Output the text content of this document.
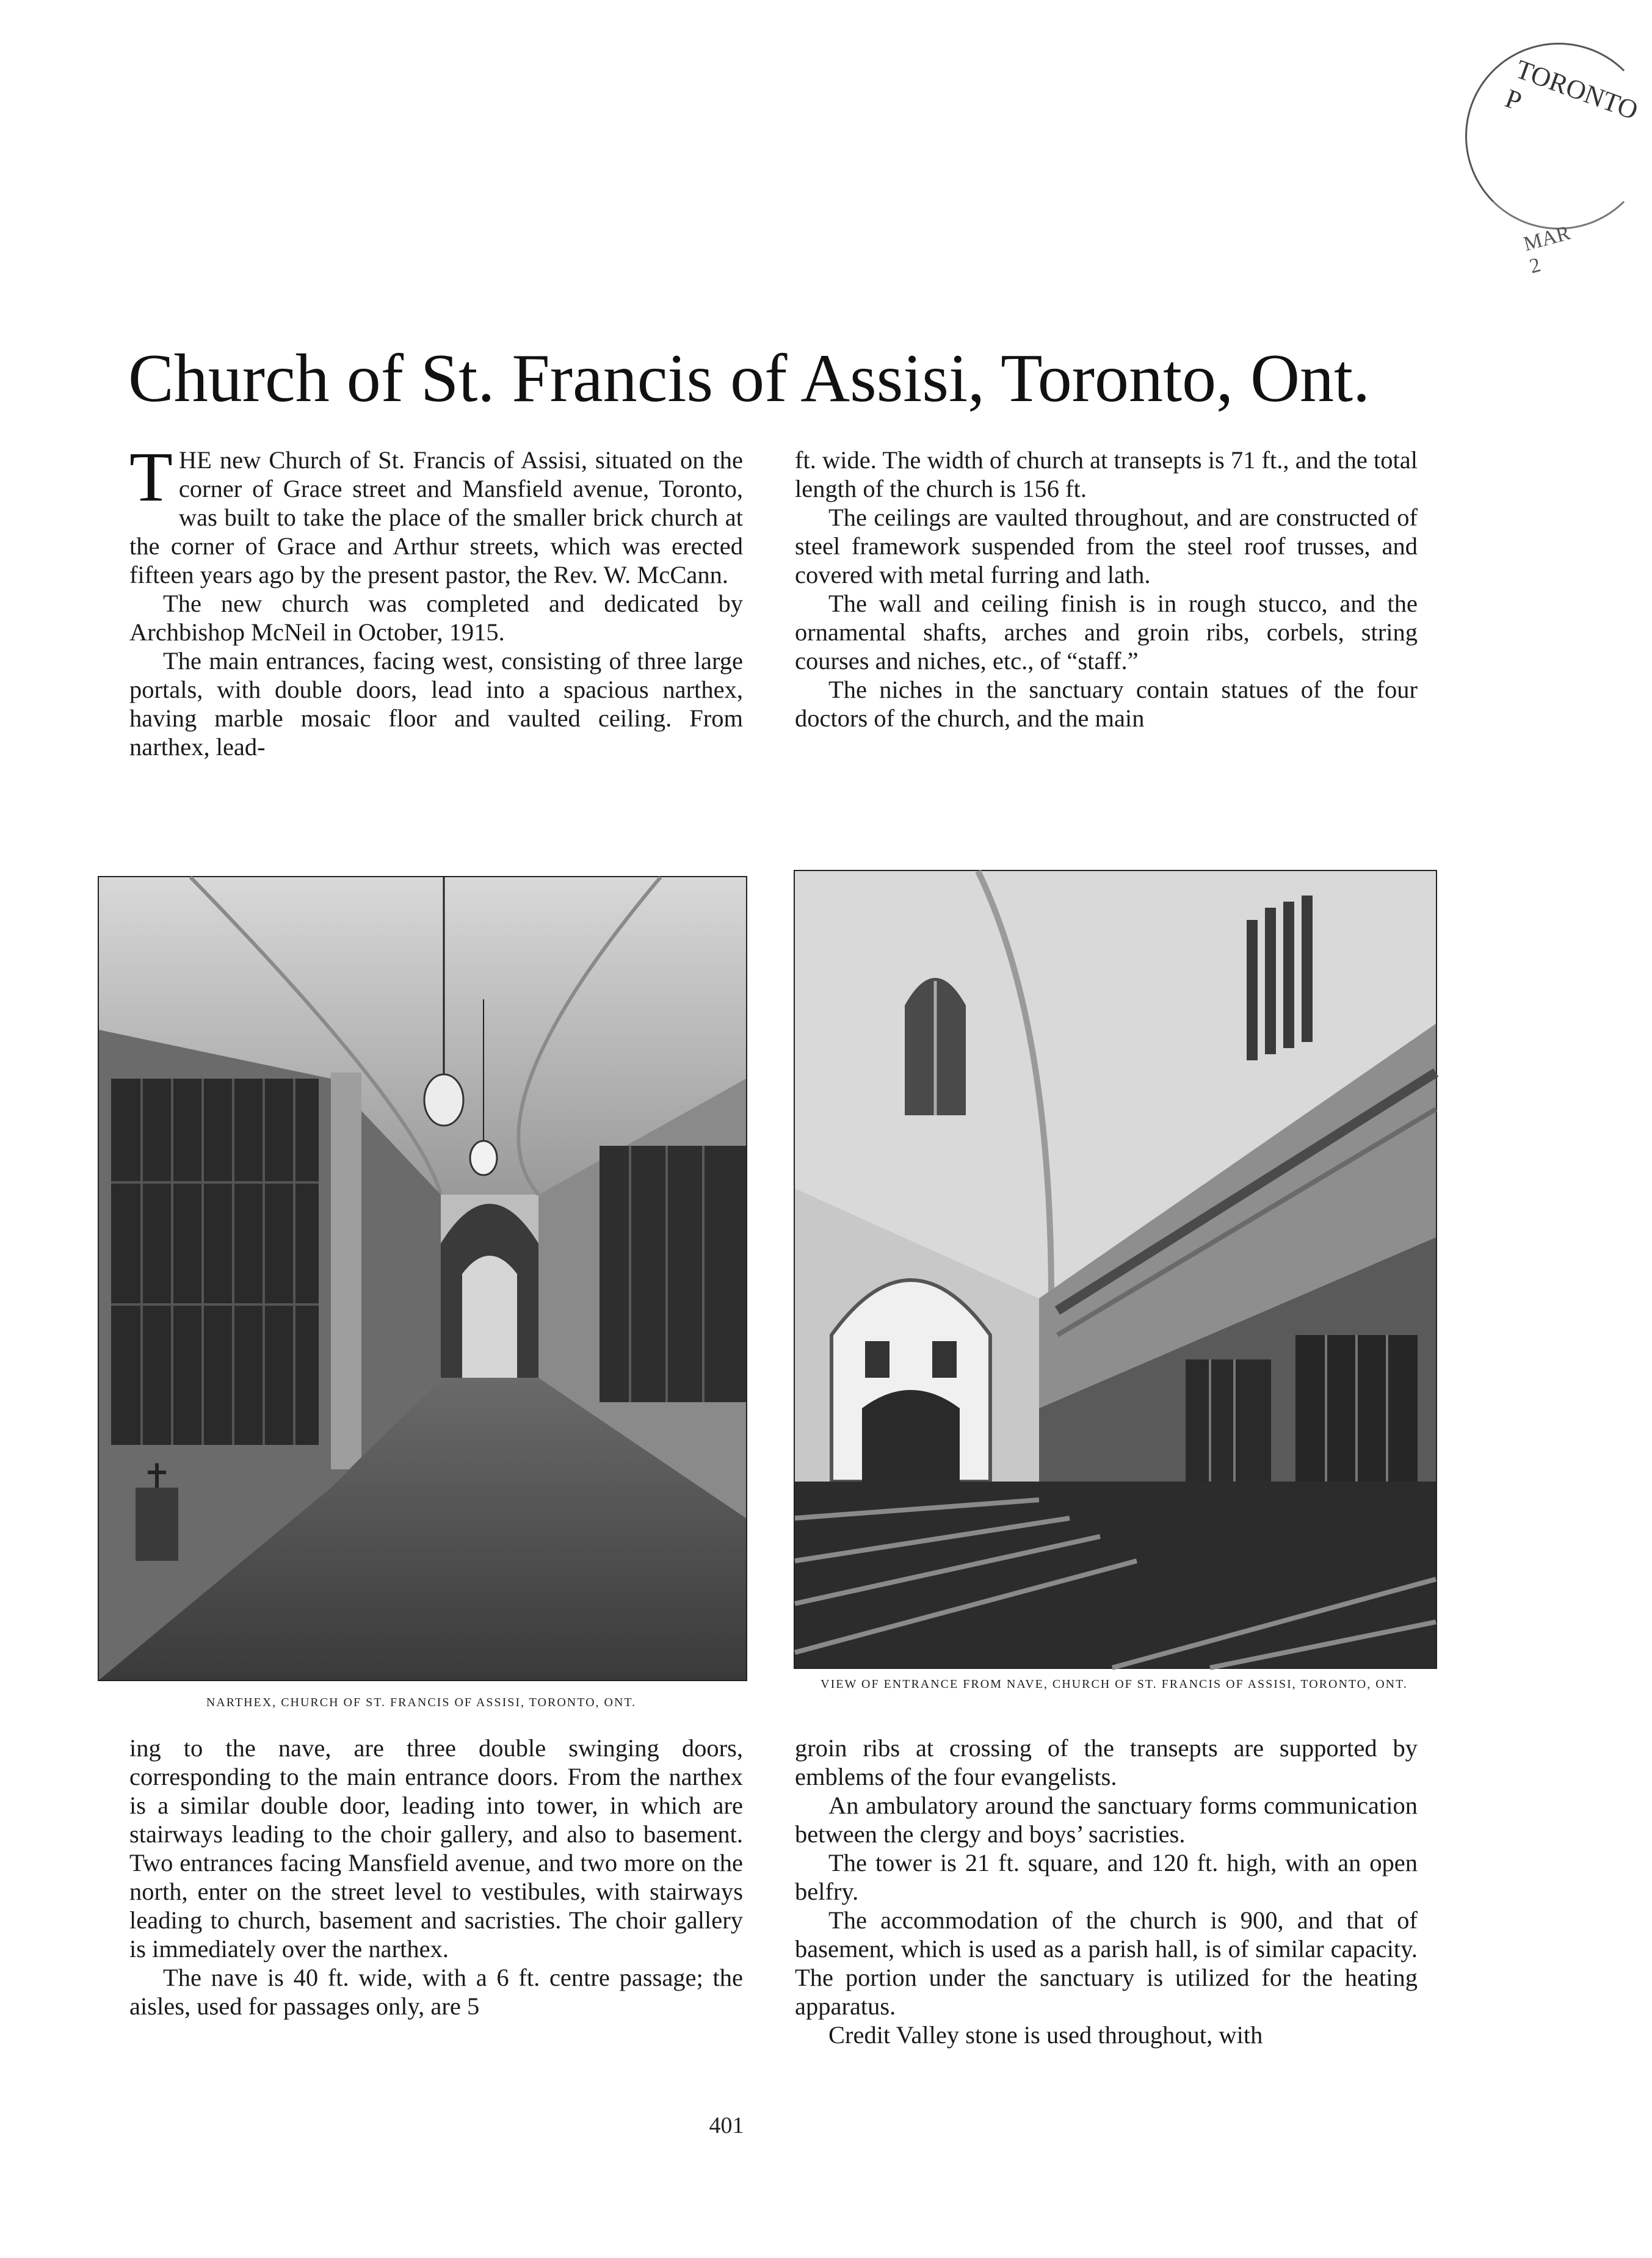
TORONTO P
MAR 2
Church of St. Francis of Assisi, Toronto, Ont.

THE new Church of St. Francis of Assisi, situated on the corner of Grace street and Mansfield avenue, Toronto, was built to take the place of the smaller brick church at the corner of Grace and Arthur streets, which was erected fifteen years ago by the present pastor, the Rev. W. McCann.

The new church was completed and dedicated by Archbishop McNeil in October, 1915.

The main entrances, facing west, consisting of three large portals, with double doors, lead into a spacious narthex, having marble mosaic floor and vaulted ceiling. From narthex, lead-

ft. wide. The width of church at transepts is 71 ft., and the total length of the church is 156 ft.

The ceilings are vaulted throughout, and are constructed of steel framework suspended from the steel roof trusses, and covered with metal furring and lath.

The wall and ceiling finish is in rough stucco, and the ornamental shafts, arches and groin ribs, corbels, string courses and niches, etc., of “staff.”

The niches in the sanctuary contain statues of the four doctors of the church, and the main

NARTHEX, CHURCH OF ST. FRANCIS OF ASSISI, TORONTO, ONT.
VIEW OF ENTRANCE FROM NAVE, CHURCH OF ST. FRANCIS OF ASSISI, TORONTO, ONT.

ing to the nave, are three double swinging doors, corresponding to the main entrance doors. From the narthex is a similar double door, leading into tower, in which are stairways leading to the choir gallery, and also to basement. Two entrances facing Mansfield avenue, and two more on the north, enter on the street level to vestibules, with stairways leading to church, basement and sacristies. The choir gallery is immediately over the narthex.

The nave is 40 ft. wide, with a 6 ft. centre passage; the aisles, used for passages only, are 5

groin ribs at crossing of the transepts are supported by emblems of the four evangelists.

An ambulatory around the sanctuary forms communication between the clergy and boys’ sacristies.

The tower is 21 ft. square, and 120 ft. high, with an open belfry.

The accommodation of the church is 900, and that of basement, which is used as a parish hall, is of similar capacity. The portion under the sanctuary is utilized for the heating apparatus.

Credit Valley stone is used throughout, with

401
